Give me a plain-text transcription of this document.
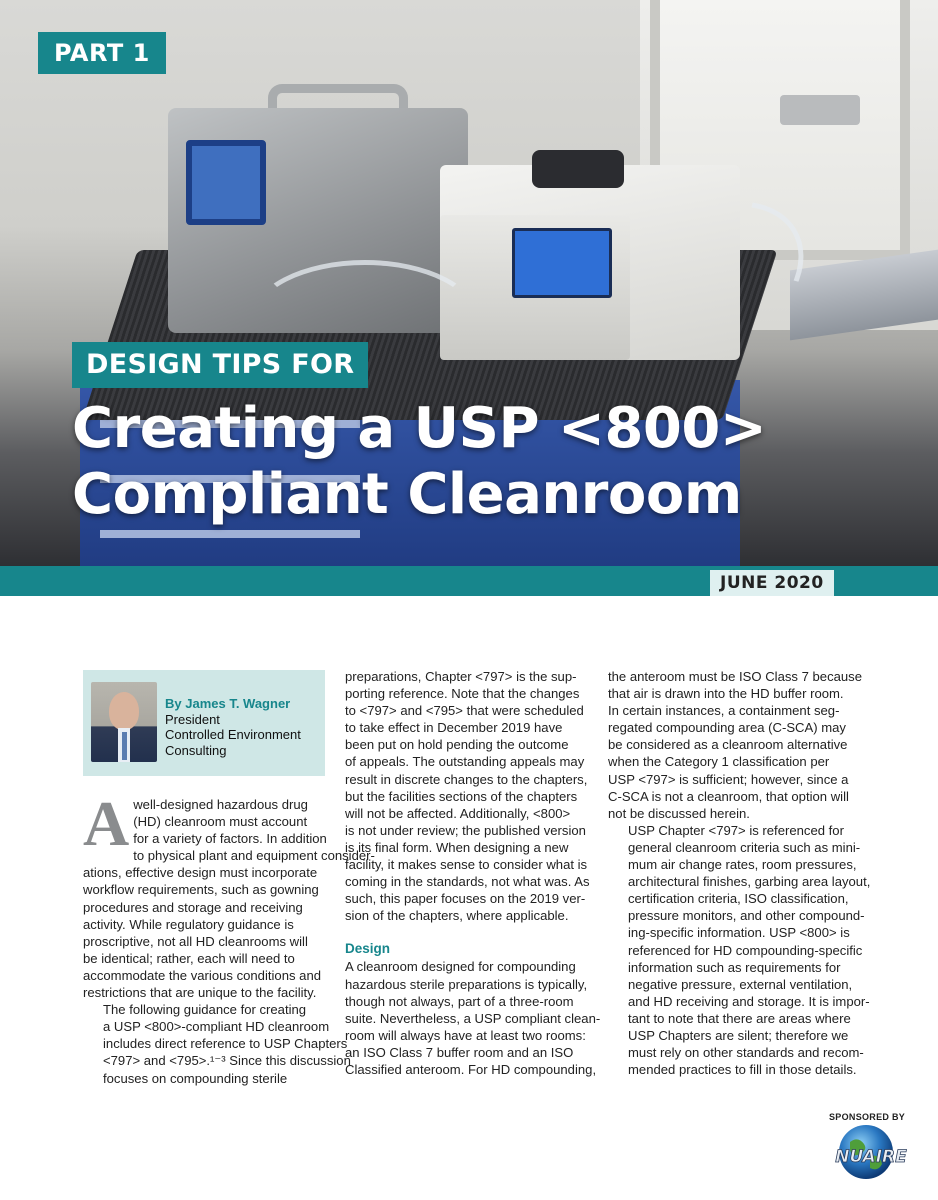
PART 1
DESIGN TIPS FOR
Creating a USP <800>
Compliant Cleanroom
JUNE 2020
By James T. Wagner
President
Controlled Environment
Consulting

A well-designed hazardous drug
(HD) cleanroom must account
for a variety of factors. In addition
to physical plant and equipment consider-
ations, effective design must incorporate
workflow requirements, such as gowning
procedures and storage and receiving
activity. While regulatory guidance is
proscriptive, not all HD cleanrooms will
be identical; rather, each will need to
accommodate the various conditions and
restrictions that are unique to the facility.

The following guidance for creating
a USP <800>-compliant HD cleanroom
includes direct reference to USP Chapters
<797> and <795>.¹⁻³ Since this discussion
focuses on compounding sterile

preparations, Chapter <797> is the sup-
porting reference. Note that the changes
to <797> and <795> that were scheduled
to take effect in December 2019 have
been put on hold pending the outcome
of appeals. The outstanding appeals may
result in discrete changes to the chapters,
but the facilities sections of the chapters
will not be affected. Additionally, <800>
is not under review; the published version
is its final form. When designing a new
facility, it makes sense to consider what is
coming in the standards, not what was. As
such, this paper focuses on the 2019 ver-
sion of the chapters, where applicable.

Design

A cleanroom designed for compounding
hazardous sterile preparations is typically,
though not always, part of a three-room
suite. Nevertheless, a USP compliant clean-
room will always have at least two rooms:
an ISO Class 7 buffer room and an ISO
Classified anteroom. For HD compounding,

the anteroom must be ISO Class 7 because
that air is drawn into the HD buffer room.
In certain instances, a containment seg-
regated compounding area (C-SCA) may
be considered as a cleanroom alternative
when the Category 1 classification per
USP <797> is sufficient; however, since a
C-SCA is not a cleanroom, that option will
not be discussed herein.

USP Chapter <797> is referenced for
general cleanroom criteria such as mini-
mum air change rates, room pressures,
architectural finishes, garbing area layout,
certification criteria, ISO classification,
pressure monitors, and other compound-
ing-specific information. USP <800> is
referenced for HD compounding-specific
information such as requirements for
negative pressure, external ventilation,
and HD receiving and storage. It is impor-
tant to note that there are areas where
USP Chapters are silent; therefore we
must rely on other standards and recom-
mended practices to fill in those details.

SPONSORED BY
NUAIRE
